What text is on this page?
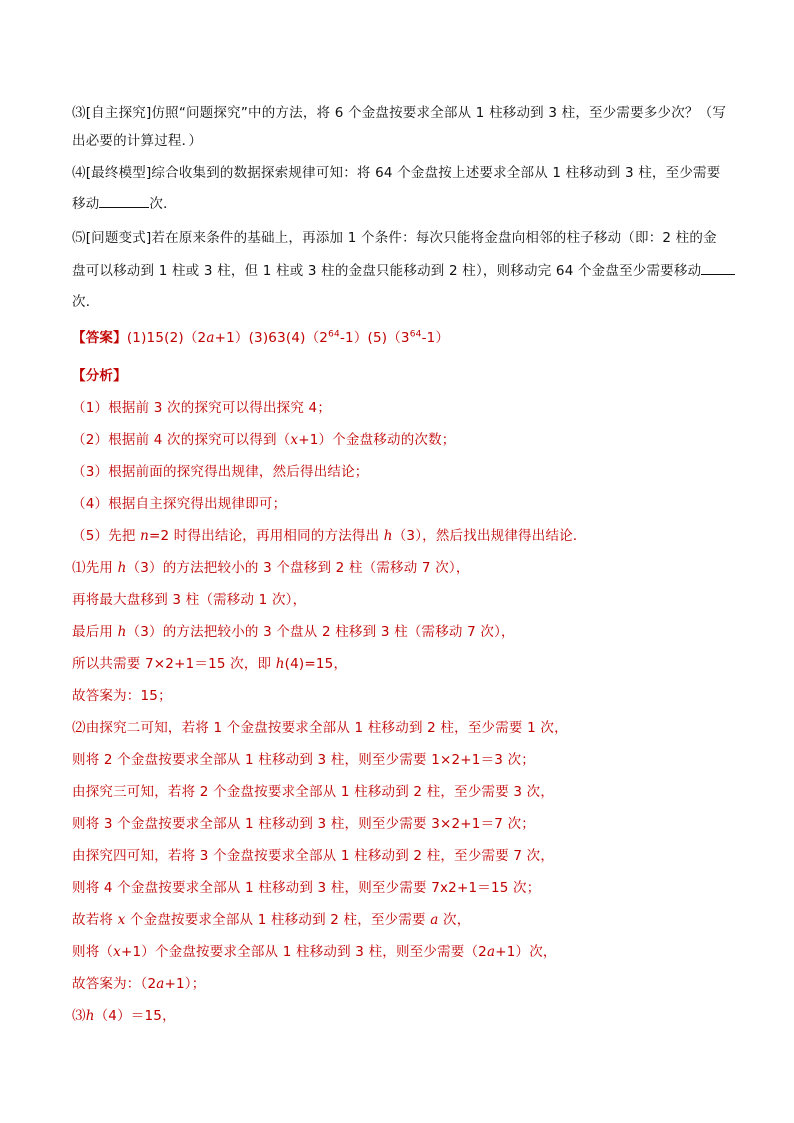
⑶[自主探究]仿照“问题探究”中的方法，将 6 个金盘按要求全部从 1 柱移动到 3 柱，至少需要多少次？（写
出必要的计算过程．）
⑷[最终模型]综合收集到的数据探索规律可知：将 64 个金盘按上述要求全部从 1 柱移动到 3 柱，至少需要
移动	次．
⑸[问题变式]若在原来条件的基础上，再添加 1 个条件：每次只能将金盘向相邻的柱子移动（即：2 柱的金
盘可以移动到 1 柱或 3 柱，但 1 柱或 3 柱的金盘只能移动到 2 柱），则移动完 64 个金盘至少需要移动
次．
【答案】$(1)15(2)(2a+1)(3)63(4)(2^{64}-1)(5)(3^{64}-1)$
【分析】
（1）根据前 3 次的探究可以得出探究 4；
（2）根据前 4 次的探究可以得到（x+1）个金盘移动的次数；
（3）根据前面的探究得出规律，然后得出结论；
（4）根据自主探究得出规律即可；
（5）先把 n=2 时得出结论，再用相同的方法得出 h（3），然后找出规律得出结论．
⑴先用 h（3）的方法把较小的 3 个盘移到 2 柱（需移动 7 次），
再将最大盘移到 3 柱（需移动 1 次），
最后用 h（3）的方法把较小的 3 个盘从 2 柱移到 3 柱（需移动 7 次），
所以共需要 7×2+1＝15 次，即 h(4)=15，
故答案为：15；
⑵由探究二可知，若将 1 个金盘按要求全部从 1 柱移动到 2 柱，至少需要 1 次，
则将 2 个金盘按要求全部从 1 柱移动到 3 柱，则至少需要 1×2+1＝3 次；
由探究三可知，若将 2 个金盘按要求全部从 1 柱移动到 2 柱，至少需要 3 次，
则将 3 个金盘按要求全部从 1 柱移动到 3 柱，则至少需要 3×2+1＝7 次；
由探究四可知，若将 3 个金盘按要求全部从 1 柱移动到 2 柱，至少需要 7 次，
则将 4 个金盘按要求全部从 1 柱移动到 3 柱，则至少需要 7x2+1＝15 次；
故若将 x 个金盘按要求全部从 1 柱移动到 2 柱，至少需要 a 次，
则将（x+1）个金盘按要求全部从 1 柱移动到 3 柱，则至少需要（2a+1）次，
故答案为：（2a+1）；
⑶h（4）＝15，
